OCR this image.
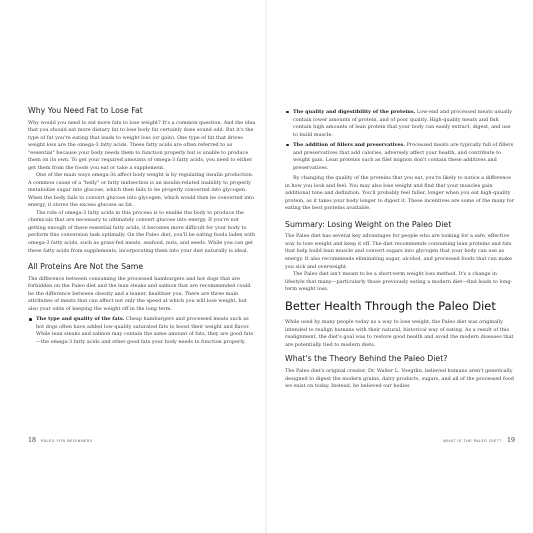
Why You Need Fat to Lose Fat

Why would you need to eat more fats to lose weight? It's a common question. And the idea that you should eat more dietary fat to lose body fat certainly does sound odd. But it's the type of fat you're eating that leads to weight loss (or gain). One type of fat that drives weight loss are the omega-3 fatty acids. These fatty acids are often referred to as "essential" because your body needs them to function properly but is unable to produce them on its own. To get your required amounts of omega-3 fatty acids, you need to either get them from the foods you eat or take a supplement.

One of the main ways omega-3s affect body weight is by regulating insulin production. A common cause of a "belly" or fatty midsection is an insulin-related inability to properly metabolize sugar into glucose, which then fails to be properly converted into glycogen. When the body fails to convert glucose into glycogen, which would then be converted into energy, it stores the excess glucose as fat.

The role of omega-3 fatty acids in this process is to enable the body to produce the chemicals that are necessary to ultimately convert glucose into energy. If you're not getting enough of these essential fatty acids, it becomes more difficult for your body to perform this conversion task optimally. On the Paleo diet, you'll be eating foods laden with omega-3 fatty acids, such as grass-fed meats, seafood, nuts, and seeds. While you can get these fatty acids from supplements, incorporating them into your diet naturally is ideal.

All Proteins Are Not the Same

The difference between consuming the processed hamburgers and hot dogs that are forbidden on the Paleo diet and the lean steaks and salmon that are recommended could be the difference between obesity and a leaner, healthier you. There are three main attributes of meats that can affect not only the speed at which you will lose weight, but also your odds of keeping the weight off in the long term.

The type and quality of the fats. Cheap hamburgers and processed meats such as hot dogs often have added low-quality saturated fats to boost their weight and flavor. While lean steaks and salmon may contain the same amount of fats, they are good fats—the omega-3 fatty acids and other good fats your body needs to function properly.
18 PALEO FOR BEGINNERS
The quality and digestibility of the proteins. Low-end and processed meats usually contain lower amounts of protein, and of poor quality. High-quality meats and fish contain high amounts of lean protein that your body can easily extract, digest, and use to build muscle.
The addition of fillers and preservatives. Processed meats are typically full of fillers and preservatives that add calories, adversely affect your health, and contribute to weight gain. Lean proteins such as filet mignon don't contain these additives and preservatives.

By changing the quality of the proteins that you eat, you're likely to notice a difference in how you look and feel. You may also lose weight and find that your muscles gain additional tone and definition. You'll probably feel fuller, longer when you eat high-quality protein, as it takes your body longer to digest it. These incentives are some of the many for eating the best proteins available.

Summary: Losing Weight on the Paleo Diet

The Paleo diet has several key advantages for people who are looking for a safe, effective way to lose weight and keep it off. The diet recommends consuming lean proteins and fats that help build lean muscle and convert sugars into glycogen that your body can use as energy. It also recommends eliminating sugar, alcohol, and processed foods that can make you sick and overweight.

The Paleo diet isn't meant to be a short-term weight loss method. It's a change in lifestyle that many—particularly those previously eating a modern diet—find leads to long-term weight loss.

Better Health Through the Paleo Diet

While used by many people today as a way to lose weight, the Paleo diet was originally intended to realign humans with their natural, historical way of eating. As a result of this realignment, the diet's goal was to restore good health and avoid the modern diseases that are potentially tied to modern diets.

What's the Theory Behind the Paleo Diet?

The Paleo diet's original creator, Dr. Walter L. Voegtlin, believed humans aren't genetically designed to digest the modern grains, dairy products, sugars, and all of the processed food we exist on today. Instead, he believed our bodies

WHAT IS THE PALEO DIET? 19
